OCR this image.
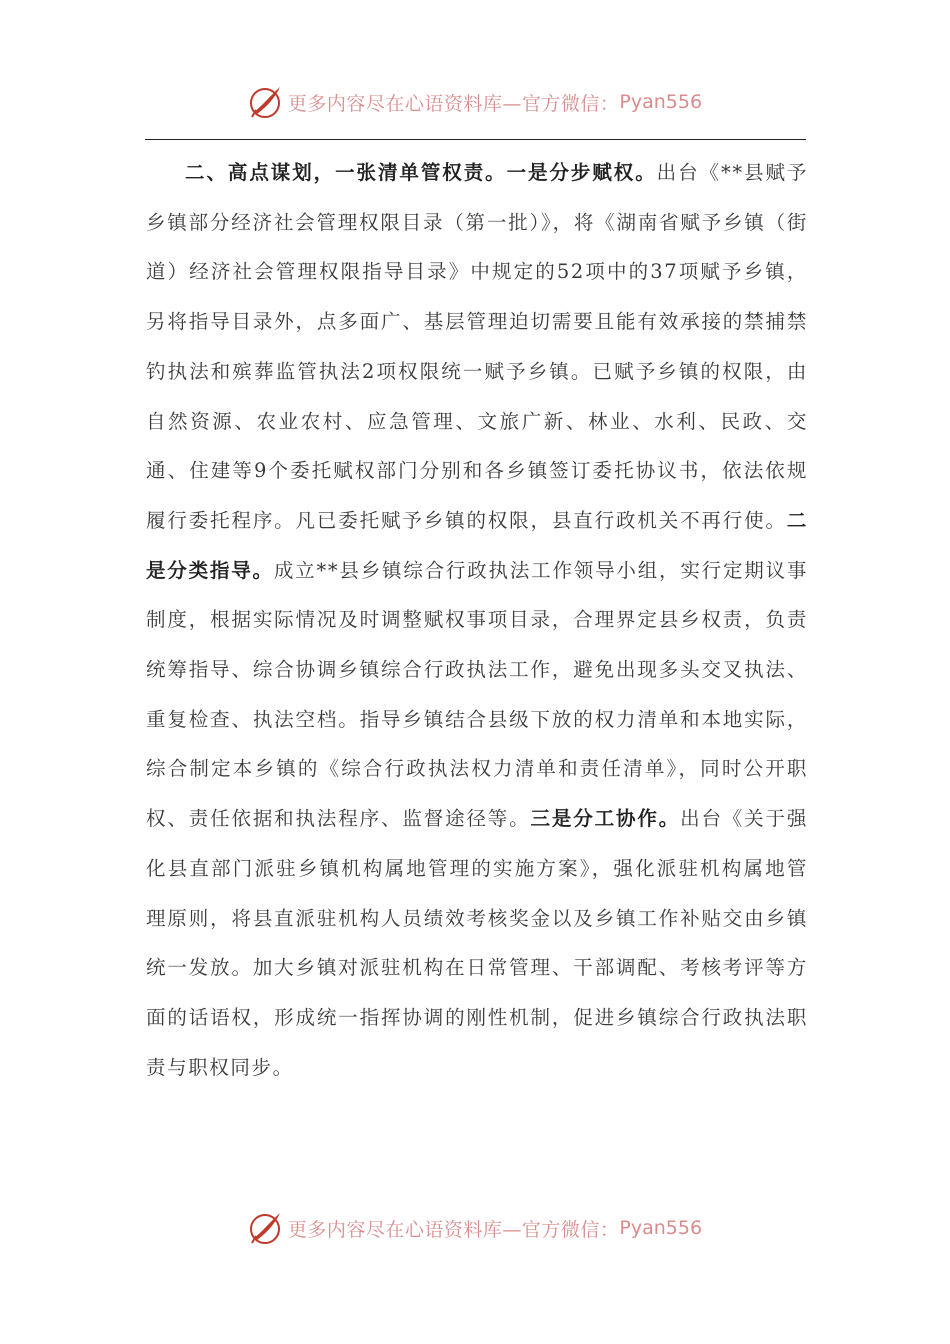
更多内容尽在心语资料库—官方微信： Pyan556

二、高点谋划，一张清单管权责。一是分步赋权。出台《**县赋予乡镇部分经济社会管理权限目录（第一批）》，将《湖南省赋予乡镇（街道）经济社会管理权限指导目录》中规定的52项中的37项赋予乡镇，另将指导目录外，点多面广、基层管理迫切需要且能有效承接的禁捕禁钓执法和殡葬监管执法2项权限统一赋予乡镇。已赋予乡镇的权限，由自然资源、农业农村、应急管理、文旅广新、林业、水利、民政、交通、住建等9个委托赋权部门分别和各乡镇签订委托协议书，依法依规履行委托程序。凡已委托赋予乡镇的权限，县直行政机关不再行使。二是分类指导。成立**县乡镇综合行政执法工作领导小组，实行定期议事制度，根据实际情况及时调整赋权事项目录，合理界定县乡权责，负责统筹指导、综合协调乡镇综合行政执法工作，避免出现多头交叉执法、重复检查、执法空档。指导乡镇结合县级下放的权力清单和本地实际，综合制定本乡镇的《综合行政执法权力清单和责任清单》，同时公开职权、责任依据和执法程序、监督途径等。三是分工协作。出台《关于强化县直部门派驻乡镇机构属地管理的实施方案》，强化派驻机构属地管理原则，将县直派驻机构人员绩效考核奖金以及乡镇工作补贴交由乡镇统一发放。加大乡镇对派驻机构在日常管理、干部调配、考核考评等方面的话语权，形成统一指挥协调的刚性机制，促进乡镇综合行政执法职责与职权同步。

更多内容尽在心语资料库—官方微信： Pyan556
